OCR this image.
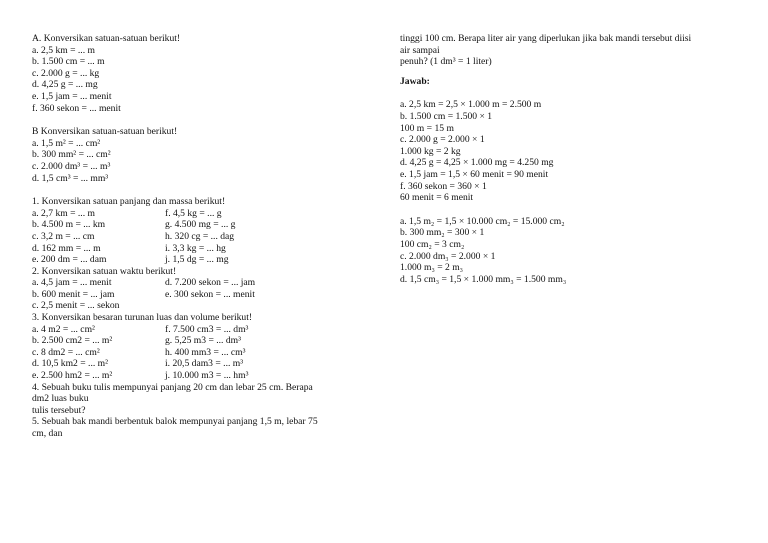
A. Konversikan satuan-satuan berikut!
a. 2,5 km = ... m
b. 1.500 cm = ... m
c. 2.000 g = ... kg
d. 4,25 g = ... mg
e. 1,5 jam = ... menit
f. 360 sekon = ... menit
B Konversikan satuan-satuan berikut!
a. 1,5 m² = ... cm²
b. 300 mm² = ... cm²
c. 2.000 dm³ = ... m³
d. 1,5 cm³ = ... mm³
1. Konversikan satuan panjang dan massa berikut!
a. 2,7 km = ... m	f. 4,5 kg = ... g
b. 4.500 m = ... km	g. 4.500 mg = ... g
c. 3,2 m = ... cm	h. 320 cg = ... dag
d. 162 mm = ... m	i. 3,3 kg = ... hg
e. 200 dm = ... dam	j. 1,5 dg = ... mg
2. Konversikan satuan waktu berikut!
a. 4,5 jam = ... menit	d. 7.200 sekon = ... jam
b. 600 menit = ... jam	e. 300 sekon = ... menit
c. 2,5 menit = ... sekon
3. Konversikan besaran turunan luas dan volume berikut!
a. 4 m2 = ... cm²	f. 7.500 cm3 = ... dm³
b. 2.500 cm2 = ... m²	g. 5,25 m3 = ... dm³
c. 8 dm2 = ... cm²	h. 400 mm3 = ... cm³
d. 10,5 km2 = ... m²	i. 20,5 dam3 = ... m³
e. 2.500 hm2 = ... m²	j. 10.000 m3 = ... hm³
4. Sebuah buku tulis mempunyai panjang 20 cm dan lebar 25 cm. Berapa
dm2 luas buku
tulis tersebut?
5. Sebuah bak mandi berbentuk balok mempunyai panjang 1,5 m, lebar 75
cm, dan
tinggi 100 cm. Berapa liter air yang diperlukan jika bak mandi tersebut diisi
air sampai
penuh? (1 dm³ = 1 liter)
Jawab:
a. 2,5 km = 2,5 × 1.000 m = 2.500 m
b. 1.500 cm = 1.500 × 1
100 m = 15 m
c. 2.000 g = 2.000 × 1
1.000 kg = 2 kg
d. 4,25 g = 4,25 × 1.000 mg = 4.250 mg
e. 1,5 jam = 1,5 × 60 menit = 90 menit
f. 360 sekon = 360 × 1
60 menit = 6 menit
a. 1,5 m₂ = 1,5 × 10.000 cm₂ = 15.000 cm₂
b. 300 mm₂ = 300 × 1
100 cm₂ = 3 cm₂
c. 2.000 dm₃ = 2.000 × 1
1.000 m₃ = 2 m₃
d. 1,5 cm₃ = 1,5 × 1.000 mm₃ = 1.500 mm₃
